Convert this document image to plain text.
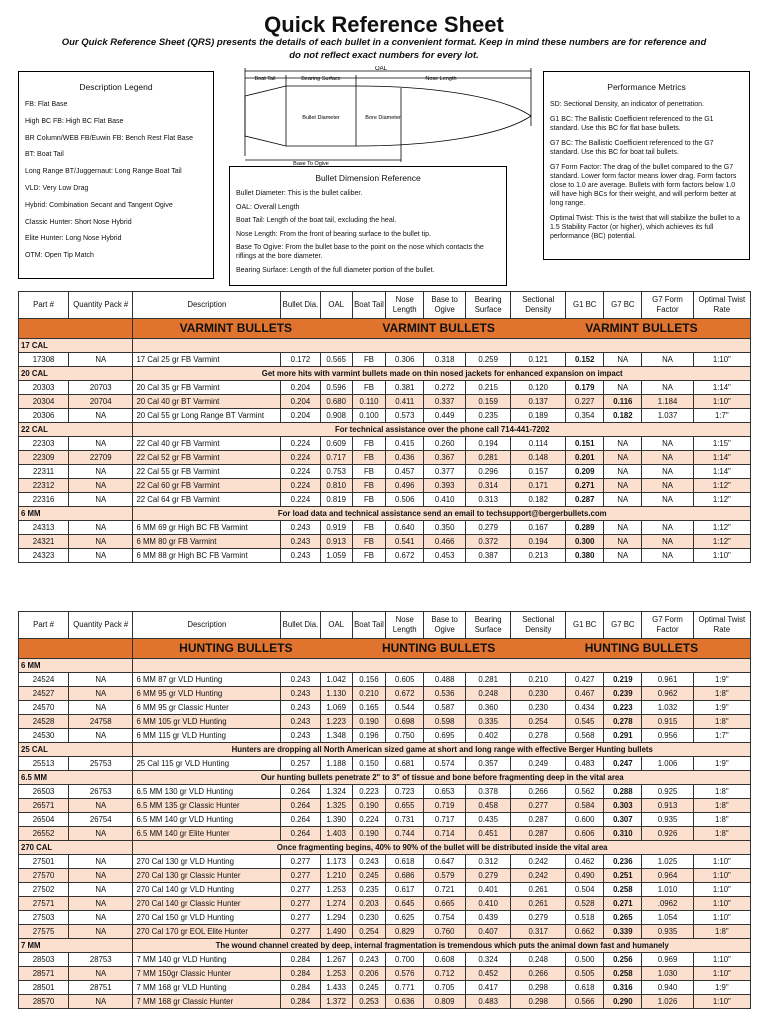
Quick Reference Sheet
Our Quick Reference Sheet (QRS) presents the details of each bullet in a convenient format. Keep in mind these numbers are for reference and do not reflect exact numbers for every lot.
Description Legend
FB: Flat Base
High BC FB: High BC Flat Base
BR Column/WEB FB/Euwin FB: Bench Rest Flat Base
BT: Boat Tail
Long Range BT/Juggernaut: Long Range Boat Tail
VLD: Very Low Drag
Hybrid: Combination Secant and Tangent Ogive
Classic Hunter: Short Nose Hybrid
Elite Hunter: Long Nose Hybrid
OTM: Open Tip Match
OAL
Boat Tail	Bearing Surface	Nose Length
Bullet Diameter	Bore Diameter
Base To Ogive
Bullet Dimension Reference

Bullet Diameter: This is the bullet caliber.

OAL: Overall Length

Boat Tail: Length of the boat tail, excluding the heal.

Nose Length: From the front of bearing surface to the bullet tip.

Base To Ogive: From the bullet base to the point on the nose which contacts the riflings at the bore diameter.

Bearing Surface: Length of the full diameter portion of the bullet.

Performance Metrics

SD: Sectional Density, an indicator of penetration.

G1 BC: The Ballistic Coefficient referenced to the G1 standard. Use this BC for flat base bullets.

G7 BC: The Ballistic Coefficient referenced to the G7 standard. Use this BC for boat tail bullets.

G7 Form Factor: The drag of the bullet compared to the G7 standard. Lower form factor means lower drag. Form factors close to 1.0 are average. Bullets with form factors below 1.0 will have high BCs for their weight, and will perform better at long range.

Optimal Twist: This is the twist that will stabilize the bullet to a 1.5 Stability Factor (or higher), which achieves its full performance (BC) potential.

Part #	Quantity Pack #	Description	Bullet Dia.	OAL	Boat Tail	Nose Length	Base to Ogive	Bearing Surface	Sectional Density	G1 BC	G7 BC	G7 Form Factor	Optimal Twist Rate
		VARMINT BULLETS VARMINT BULLETS VARMINT BULLETS											
17 CAL													
17308	NA	17 Cal 25 gr FB Varmint	0.172	0.565	FB	0.306	0.318	0.259	0.121	0.152	NA	NA	1:10"
20 CAL		Get more hits with varmint bullets made on thin nosed jackets for enhanced expansion on impact											
20303	20703	20 Cal 35 gr FB Varmint	0.204	0.596	FB	0.381	0.272	0.215	0.120	0.179	NA	NA	1:14"
20304	20704	20 Cal 40 gr BT Varmint	0.204	0.680	0.110	0.411	0.337	0.159	0.137	0.227	0.116	1.184	1:10"
20306	NA	20 Cal 55 gr Long Range BT Varmint	0.204	0.908	0.100	0.573	0.449	0.235	0.189	0.354	0.182	1.037	1:7"
22 CAL		For technical assistance over the phone call 714-441-7202											
22303	NA	22 Cal 40 gr FB Varmint	0.224	0.609	FB	0.415	0.260	0.194	0.114	0.151	NA	NA	1:15"
22309	22709	22 Cal 52 gr FB Varmint	0.224	0.717	FB	0.436	0.367	0.281	0.148	0.201	NA	NA	1:14"
22311	NA	22 Cal 55 gr FB Varmint	0.224	0.753	FB	0.457	0.377	0.296	0.157	0.209	NA	NA	1:14"
22312	NA	22 Cal 60 gr FB Varmint	0.224	0.810	FB	0.496	0.393	0.314	0.171	0.271	NA	NA	1:12"
22316	NA	22 Cal 64 gr FB Varmint	0.224	0.819	FB	0.506	0.410	0.313	0.182	0.287	NA	NA	1:12"
6 MM		For load data and technical assistance send an email to techsupport@bergerbullets.com											
24313	NA	6 MM 69 gr High BC FB Varmint	0.243	0.919	FB	0.640	0.350	0.279	0.167	0.289	NA	NA	1:12"
24321	NA	6 MM 80 gr FB Varmint	0.243	0.913	FB	0.541	0.466	0.372	0.194	0.300	NA	NA	1:12"
24323	NA	6 MM 88 gr High BC FB Varmint	0.243	1.059	FB	0.672	0.453	0.387	0.213	0.380	NA	NA	1:10"
Part #	Quantity Pack #	Description	Bullet Dia.	OAL	Boat Tail	Nose Length	Base to Ogive	Bearing Surface	Sectional Density	G1 BC	G7 BC	G7 Form Factor	Optimal Twist Rate
		HUNTING BULLETS HUNTING BULLETS HUNTING BULLETS											
6 MM													
24524	NA	6 MM 87 gr VLD Hunting	0.243	1.042	0.156	0.605	0.488	0.281	0.210	0.427	0.219	0.961	1:9"
24527	NA	6 MM 95 gr VLD Hunting	0.243	1.130	0.210	0.672	0.536	0.248	0.230	0.467	0.239	0.962	1:8"
24570	NA	6 MM 95 gr Classic Hunter	0.243	1.069	0.165	0.544	0.587	0.360	0.230	0.434	0.223	1.032	1:9"
24528	24758	6 MM 105 gr VLD Hunting	0.243	1.223	0.190	0.698	0.598	0.335	0.254	0.545	0.278	0.915	1:8"
24530	NA	6 MM 115 gr VLD Hunting	0.243	1.348	0.196	0.750	0.695	0.402	0.278	0.568	0.291	0.956	1:7"
25 CAL		Hunters are dropping all North American sized game at short and long range with effective Berger Hunting bullets											
25513	25753	25 Cal 115 gr VLD Hunting	0.257	1.188	0.150	0.681	0.574	0.357	0.249	0.483	0.247	1.006	1:9"
6.5 MM		Our hunting bullets penetrate 2" to 3" of tissue and bone before fragmenting deep in the vital area											
26503	26753	6.5 MM 130 gr VLD Hunting	0.264	1.324	0.223	0.723	0.653	0.378	0.266	0.562	0.288	0.925	1:8"
26571	NA	6.5 MM 135 gr Classic Hunter	0.264	1.325	0.190	0.655	0.719	0.458	0.277	0.584	0.303	0.913	1:8"
26504	26754	6.5 MM 140 gr VLD Hunting	0.264	1.390	0.224	0.731	0.717	0.435	0.287	0.600	0.307	0.935	1:8"
26552	NA	6.5 MM 140 gr Elite Hunter	0.264	1.403	0.190	0.744	0.714	0.451	0.287	0.606	0.310	0.926	1:8"
270 CAL		Once fragmenting begins, 40% to 90% of the bullet will be distributed inside the vital area											
27501	NA	270 Cal 130 gr VLD Hunting	0.277	1.173	0.243	0.618	0.647	0.312	0.242	0.462	0.236	1.025	1:10"
27570	NA	270 Cal 130 gr Classic Hunter	0.277	1.210	0.245	0.686	0.579	0.279	0.242	0.490	0.251	0.964	1:10"
27502	NA	270 Cal 140 gr VLD Hunting	0.277	1.253	0.235	0.617	0.721	0.401	0.261	0.504	0.258	1.010	1:10"
27571	NA	270 Cal 140 gr Classic Hunter	0.277	1.274	0.203	0.645	0.665	0.410	0.261	0.528	0.271	.0962	1:10"
27503	NA	270 Cal 150 gr VLD Hunting	0.277	1.294	0.230	0.625	0.754	0.439	0.279	0.518	0.265	1.054	1:10"
27575	NA	270 Cal 170 gr EOL Elite Hunter	0.277	1.490	0.254	0.829	0.760	0.407	0.317	0.662	0.339	0.935	1:8"
7 MM		The wound channel created by deep, internal fragmentation is tremendous which puts the animal down fast and humanely											
28503	28753	7 MM 140 gr VLD Hunting	0.284	1.267	0.243	0.700	0.608	0.324	0.248	0.500	0.256	0.969	1:10"
28571	NA	7 MM 150gr Classic Hunter	0.284	1.253	0.206	0.576	0.712	0.452	0.266	0.505	0.258	1.030	1:10"
28501	28751	7 MM 168 gr VLD Hunting	0.284	1.433	0.245	0.771	0.705	0.417	0.298	0.618	0.316	0.940	1:9"
28570	NA	7 MM 168 gr Classic Hunter	0.284	1.372	0.253	0.636	0.809	0.483	0.298	0.566	0.290	1.026	1:10"
